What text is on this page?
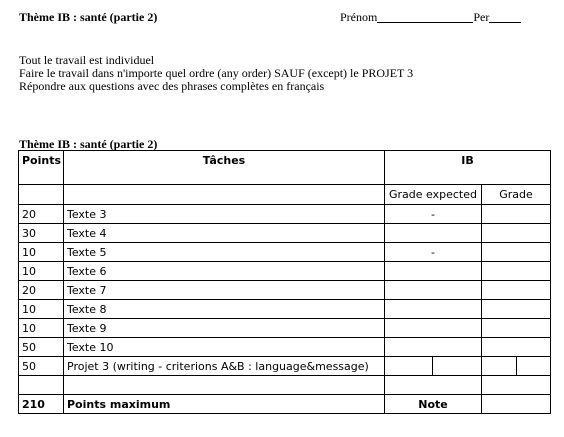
Thème IB : santé (partie 2)	Prénom	Per
Tout le travail est individuel
Faire le travail dans n'importe quel ordre (any order) SAUF (except) le PROJET 3
Répondre aux questions avec des phrases complètes en français
Thème IB : santé (partie 2)
Points	Tâches	IB			
		Grade expected		Grade	
20	Texte 3	-			
30	Texte 4				
10	Texte 5	-			
10	Texte 6				
20	Texte 7				
10	Texte 8				
10	Texte 9				
50	Texte 10				
50	Projet 3 (writing - criterions A&B : language&message)				

210	Points maximum	Note			
